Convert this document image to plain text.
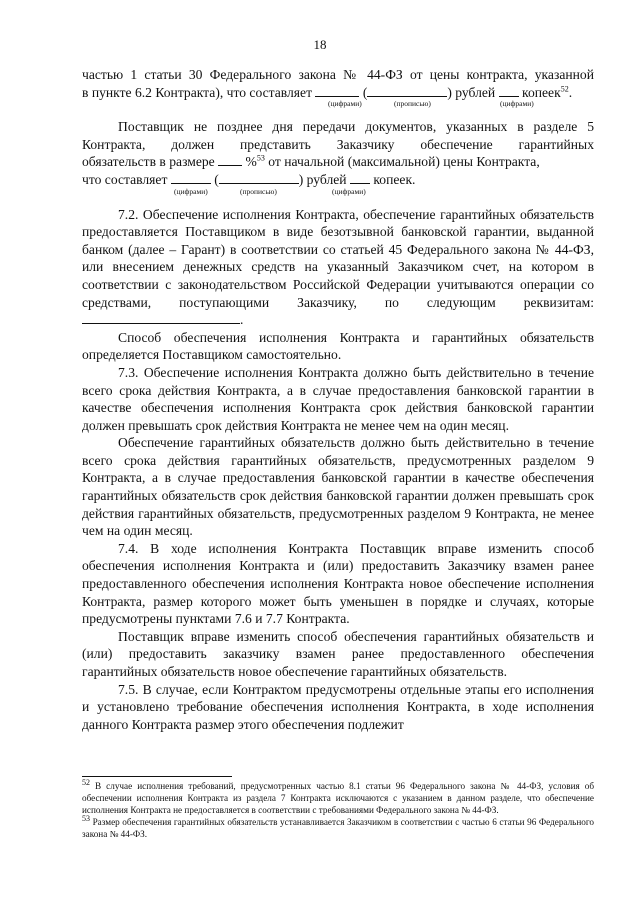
18
частью 1 статьи 30 Федерального закона № 44-ФЗ от цены контракта, указанной
в пункте 6.2 Контракта), что составляет	(	) рублей копеек$^{52}$.
(цифрами)	(прописью)	(цифрами)
Поставщик не позднее дня передачи документов, указанных в разделе 5
Контракта, должен представить Заказчику обеспечение гарантийных
обязательств в размере %$^{53}$ от начальной (максимальной) цены Контракта,
что составляет	(	) рублей копеек.
(цифрами)	(прописью)	(цифрами)

7.2. Обеспечение исполнения Контракта, обеспечение гарантийных обязательств предоставляется Поставщиком в виде безотзывной банковской гарантии, выданной банком (далее – Гарант) в соответствии со статьей 45 Федерального закона № 44-ФЗ, или внесением денежных средств на указанный Заказчиком счет, на котором в соответствии с законодательством Российской Федерации учитываются операции со средствами, поступающими Заказчику, по следующим реквизитам: .

Способ обеспечения исполнения Контракта и гарантийных обязательств определяется Поставщиком самостоятельно.

7.3. Обеспечение исполнения Контракта должно быть действительно в течение всего срока действия Контракта, а в случае предоставления банковской гарантии в качестве обеспечения исполнения Контракта срок действия банковской гарантии должен превышать срок действия Контракта не менее чем на один месяц.

Обеспечение гарантийных обязательств должно быть действительно в течение всего срока действия гарантийных обязательств, предусмотренных разделом 9 Контракта, а в случае предоставления банковской гарантии в качестве обеспечения гарантийных обязательств срок действия банковской гарантии должен превышать срок действия гарантийных обязательств, предусмотренных разделом 9 Контракта, не менее чем на один месяц.

7.4. В ходе исполнения Контракта Поставщик вправе изменить способ обеспечения исполнения Контракта и (или) предоставить Заказчику взамен ранее предоставленного обеспечения исполнения Контракта новое обеспечение исполнения Контракта, размер которого может быть уменьшен в порядке и случаях, которые предусмотрены пунктами 7.6 и 7.7 Контракта.

Поставщик вправе изменить способ обеспечения гарантийных обязательств и (или) предоставить заказчику взамен ранее предоставленного обеспечения гарантийных обязательств новое обеспечение гарантийных обязательств.

7.5. В случае, если Контрактом предусмотрены отдельные этапы его исполнения и установлено требование обеспечения исполнения Контракта, в ходе исполнения данного Контракта размер этого обеспечения подлежит

$^{52}$ В случае исполнения требований, предусмотренных частью 8.1 статьи 96 Федерального закона № 44-ФЗ, условия об обеспечении исполнения Контракта из раздела 7 Контракта исключаются с указанием в данном разделе, что обеспечение исполнения Контракта не предоставляется в соответствии с требованиями Федерального закона № 44-ФЗ.

$^{53}$ Размер обеспечения гарантийных обязательств устанавливается Заказчиком в соответствии с частью 6 статьи 96 Федерального закона № 44-ФЗ.
